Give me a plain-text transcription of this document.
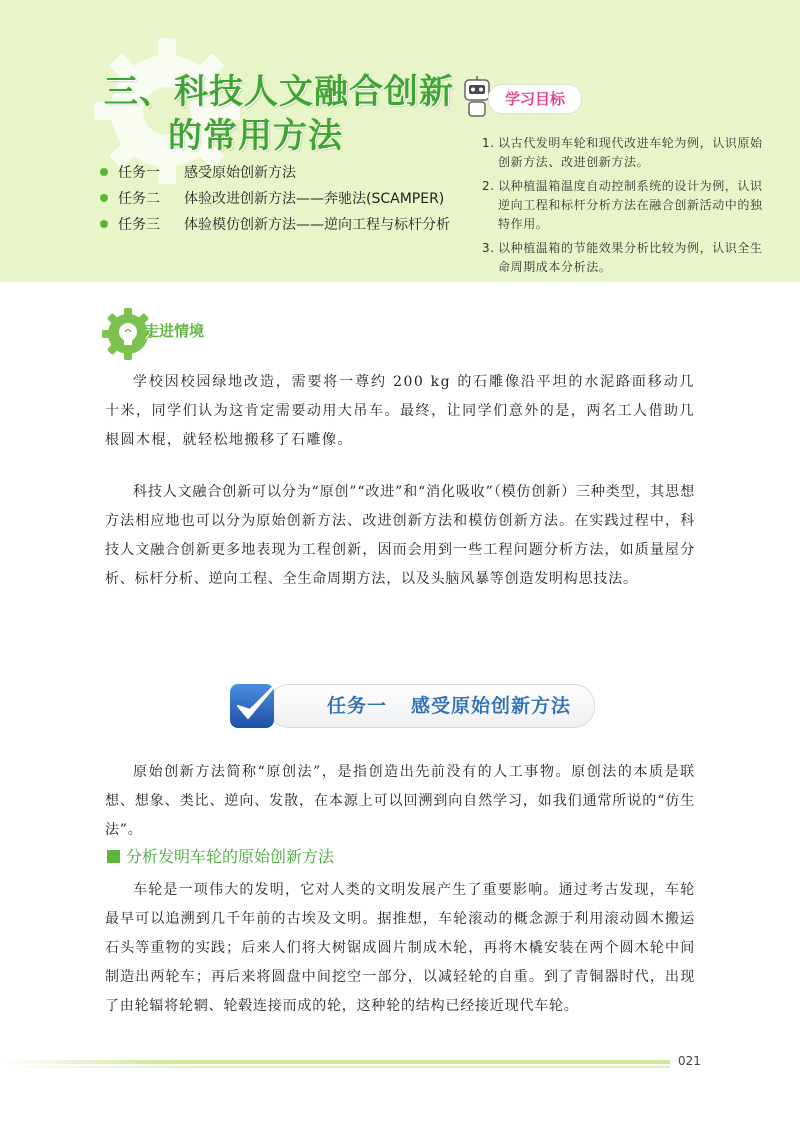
三、科技人文融合创新
的常用方法
任务一 感受原始创新方法
任务二 体验改进创新方法——奔驰法(SCAMPER)
任务三 体验模仿创新方法——逆向工程与标杆分析
学习目标
1. 以古代发明车轮和现代改进车轮为例，认识原始创新方法、改进创新方法。
2. 以种植温箱温度自动控制系统的设计为例，认识逆向工程和标杆分析方法在融合创新活动中的独特作用。
3. 以种植温箱的节能效果分析比较为例，认识全生命周期成本分析法。
走进情境

学校因校园绿地改造，需要将一尊约 200 kg 的石雕像沿平坦的水泥路面移动几十米，同学们认为这肯定需要动用大吊车。最终，让同学们意外的是，两名工人借助几根圆木棍，就轻松地搬移了石雕像。

科技人文融合创新可以分为“原创”“改进”和“消化吸收”（模仿创新）三种类型，其思想方法相应地也可以分为原始创新方法、改进创新方法和模仿创新方法。在实践过程中，科技人文融合创新更多地表现为工程创新，因而会用到一些工程问题分析方法，如质量屋分析、标杆分析、逆向工程、全生命周期方法，以及头脑风暴等创造发明构思技法。

任务一 感受原始创新方法

原始创新方法简称“原创法”，是指创造出先前没有的人工事物。原创法的本质是联想、想象、类比、逆向、发散，在本源上可以回溯到向自然学习，如我们通常所说的“仿生法”。

分析发明车轮的原始创新方法

车轮是一项伟大的发明，它对人类的文明发展产生了重要影响。通过考古发现，车轮最早可以追溯到几千年前的古埃及文明。据推想，车轮滚动的概念源于利用滚动圆木搬运石头等重物的实践；后来人们将大树锯成圆片制成木轮，再将木橇安装在两个圆木轮中间制造出两轮车；再后来将圆盘中间挖空一部分，以减轻轮的自重。到了青铜器时代，出现了由轮辐将轮辋、轮毂连接而成的轮，这种轮的结构已经接近现代车轮。

021
